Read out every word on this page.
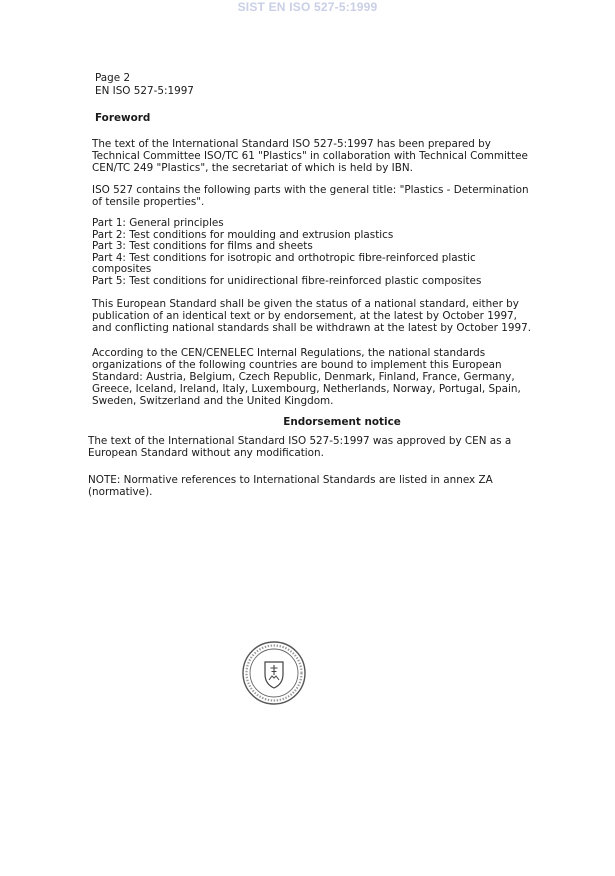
SIST EN ISO 527-5:1999
Page 2
EN ISO 527-5:1997
Foreword

The text of the International Standard ISO 527-5:1997 has been prepared by Technical Committee ISO/TC 61 "Plastics" in collaboration with Technical Committee CEN/TC 249 "Plastics", the secretariat of which is held by IBN.

ISO 527 contains the following parts with the general title: "Plastics - Determination of tensile properties".

Part 1: General principles
Part 2: Test conditions for moulding and extrusion plastics
Part 3: Test conditions for films and sheets
Part 4: Test conditions for isotropic and orthotropic fibre-reinforced plastic composites
Part 5: Test conditions for unidirectional fibre-reinforced plastic composites

This European Standard shall be given the status of a national standard, either by publication of an identical text or by endorsement, at the latest by October 1997, and conflicting national standards shall be withdrawn at the latest by October 1997.

According to the CEN/CENELEC Internal Regulations, the national standards organizations of the following countries are bound to implement this European Standard: Austria, Belgium, Czech Republic, Denmark, Finland, France, Germany, Greece, Iceland, Ireland, Italy, Luxembourg, Netherlands, Norway, Portugal, Spain, Sweden, Switzerland and the United Kingdom.

Endorsement notice

The text of the International Standard ISO 527-5:1997 was approved by CEN as a European Standard without any modification.

NOTE: Normative references to International Standards are listed in annex ZA (normative).
